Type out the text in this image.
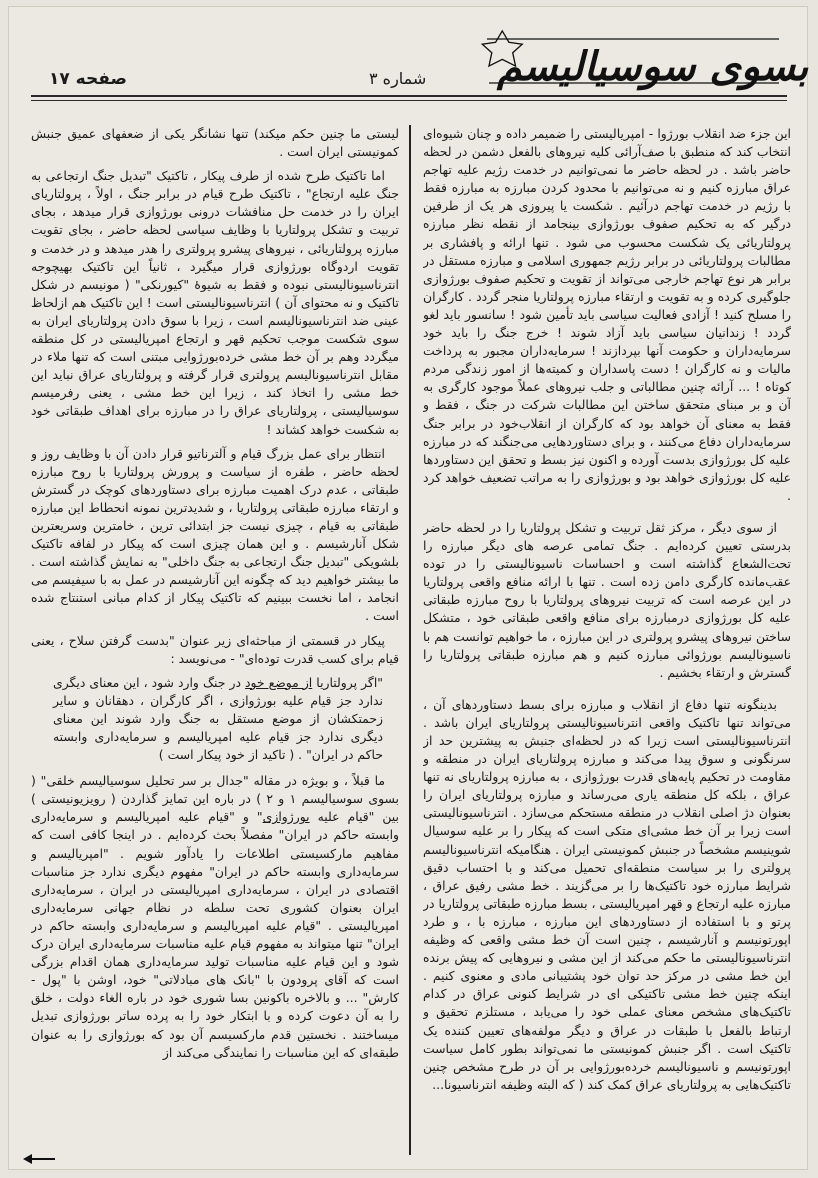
بسوی سوسیالیسم
شماره ۳
صفحه ۱۷

این جزء ضد انقلاب بورژوا - امپریالیستی را ضمیمر داده و چنان شیوه‌ای انتخاب کند که منطبق با صف‌آرائی کلیه نیروهای بالفعل دشمن در لحظه حاضر باشد . در لحظه حاضر ما نمی‌توانیم در خدمت رژیم علیه تهاجم عراق مبارزه کنیم و نه می‌توانیم با محدود کردن مبارزه به مبارزه فقط با رژیم در خدمت تهاجم درآئیم . شکست یا پیروزی هر یک از طرفین درگیر که به تحکیم صفوف بورژوازی بینجامد از نقطه نظر مبارزه پرولتاریائی یک شکست محسوب می شود . تنها ارائه و پافشاری بر مطالبات پرولتاریائی در برابر رژیم جمهوری اسلامی و مبارزه مستقل در برابر هر نوع تهاجم خارجی می‌تواند از تقویت و تحکیم صفوف بورژوازی جلوگیری کرده و به تقویت و ارتقاء مبارزه پرولتاریا منجر گردد . کارگران را مسلح کنید ! آزادی فعالیت سیاسی باید تأمین شود ! سانسور باید لغو گردد ! زندانیان سیاسی باید آزاد شوند ! خرج جنگ را باید خود سرمایه‌داران و حکومت آنها بپردازند ! سرمایه‌داران مجبور به پرداخت مالیات و نه کارگران ! دست پاسداران و کمیته‌ها از امور زندگی مردم کوتاه ! ... آرائه چنین مطالباتی و جلب نیروهای عملاً موجود کارگری به آن و بر مبنای متحقق ساختن این مطالبات شرکت در جنگ ، فقط و فقط به معنای آن خواهد بود که کارگران از انقلاب‌خود در برابر جنگ سرمایه‌داران دفاع می‌کنند ، و برای دستاوردهایی می‌جنگند که در مبارزه علیه کل بورژوازی بدست آورده و اکنون نیز بسط و تحقق این دستاوردها علیه کل بورژوازی خواهد بود و بورژوازی را به مراتب تضعیف خواهد کرد .

از سوی دیگر ، مرکز ثقل تربیت و تشکل پرولتاریا را در لحظه حاضر بدرستی تعیین کرده‌ایم . جنگ تمامی عرصه های دیگر مبارزه را تحت‌الشعاع گذاشته است و احساسات ناسیونالیستی را در توده عقب‌مانده کارگری دامن زده است . تنها با ارائه منافع واقعی پرولتاریا در این عرصه است که تربیت نیروهای پرولتاریا با روح مبارزه طبقاتی علیه کل بورژوازی درمبارزه برای منافع واقعی طبقاتی خود ، متشکل ساختن نیروهای پیشرو پرولتری در این مبارزه ، ما خواهیم توانست هم با ناسیونالیسم بورژوائی مبارزه کنیم و هم مبارزه طبقاتی پرولتاریا را گسترش و ارتقاء بخشیم .

بدینگونه تنها دفاع از انقلاب و مبارزه برای بسط دستاوردهای آن ، می‌تواند تنها تاکتیک واقعی انترناسیونالیستی پرولتاریای ایران باشد . انترناسیونالیستی است زیرا که در لحظه‌ای جنبش به پیشترین حد از سرنگونی و سوق پیدا می‌کند و مبارزه پرولتاریای ایران در منطقه و مقاومت در تحکیم پایه‌های قدرت بورژوازی ، به مبارزه پرولتاریای نه تنها عراق ، بلکه کل منطقه یاری می‌رساند و مبارزه پرولتاریای ایران را بعنوان دژ اصلی انقلاب در منطقه مستحکم می‌سازد . انترناسیونالیستی است زیرا بر آن خط مشی‌ای متکی است که پیکار را بر علیه سوسیال شوینیسم مشخصاً در جنبش کمونیستی ایران . هنگامیکه انترناسیونالیسم پرولتری را بر سیاست منطقه‌ای تحمیل می‌کند و با احتساب دقیق شرایط مبارزه خود تاکتیک‌ها را بر می‌گزیند . خط مشی رفیق عراق ، مبارزه علیه ارتجاع و قهر امپریالیستی ، بسط مبارزه طبقاتی پرولتاریا در پرتو و با استفاده از دستاوردهای این مبارزه ، مبارزه با ، و طرد اپورتونیسم و آنارشیسم ، چنین است آن خط مشی واقعی که وظیفه انترناسیونالیستی ما حکم می‌کند از این مشی و نیروهایی که پیش برنده این خط مشی در مرکز حد توان خود پشتیبانی مادی و معنوی کنیم . اینکه چنین خط مشی تاکتیکی ای در شرایط کنونی عراق در کدام تاکتیک‌های مشخص معنای عملی خود را می‌یابد ، مستلزم تحقیق و ارتباط بالفعل با طبقات در عراق و دیگر مولفه‌های تعیین کننده یک تاکتیک است . اگر جنبش کمونیستی ما نمی‌تواند بطور کامل سیاست اپورتونیسم و ناسیونالیسم خرده‌بورژوایی بر آن در طرح مشخص چنین تاکتیک‌هایی به پرولتاریای عراق کمک کند ( که البته وظیفه انترناسیونا...

لیستی ما چنین حکم میکند) تنها نشانگر یکی از ضعفهای عمیق جنبش کمونیستی ایران است .

اما تاکتیک طرح شده از طرف پیکار ، تاکتیک "تبدیل جنگ ارتجاعی به جنگ علیه ارتجاع" ، تاکتیک طرح قیام در برابر جنگ ، اولاً ، پرولتاریای ایران را در خدمت حل منافشات درونی بورژوازی قرار میدهد ، بجای تربیت و تشکل پرولتاریا با وظایف سیاسی لحظه حاضر ، بجای تقویت مبارزه پرولتاریائی ، نیروهای پیشرو پرولتری را هدر میدهد و در خدمت و تقویت اردوگاه بورژوازی قرار میگیرد ، ثانیاً این تاکتیک بهیچوجه انترناسیونالیستی نبوده و فقط به شیوهٔ "کیورنکی" ( مونیسم در شکل تاکتیک و نه محتوای آن ) انترناسیونالیستی است ! این تاکتیک هم ازلحاظ عینی ضد انترناسیونالیسم است ، زیرا با سوق دادن پرولتاریای ایران به سوی شکست موجب تحکیم قهر و ارتجاع امپریالیستی در کل منطقه میگردد وهم بر آن خط مشی خرده‌بورژوایی مبتنی است که تنها ملاء در مقابل انترناسیونالیسم پرولتری قرار گرفته و پرولتاریای عراق نباید این خط مشی را اتخاذ کند ، زیرا این خط مشی ، یعنی رفرمیسم سوسیالیستی ، پرولتاریای عراق را در مبارزه برای اهداف طبقاتی خود به شکست خواهد کشاند !

انتظار برای عمل بزرگ قیام و آلترناتیو قرار دادن آن با وظایف روز و لحظه حاضر ، طفره از سیاست و پرورش پرولتاریا با روح مبارزه طبقاتی ، عدم درک اهمیت مبارزه برای دستاوردهای کوچک در گسترش و ارتقاء مبارزه طبقاتی پرولتاریا ، و شدیدترین نمونه انحطاط این مبارزه طبقاتی به قیام ، چیزی نیست جز ابتدائی ترین ، خامترین وسریعترین شکل آنارشیسم . و این همان چیزی است که پیکار در لفافه تاکتیک بلشویکی "تبدیل جنگ ارتجاعی به جنگ داخلی" به نمایش گذاشته است . ما بیشتر خواهیم دید که چگونه این آنارشیسم در عمل به با سیفیسم می انجامد ، اما نخست ببینیم که تاکتیک پیکار از کدام مبانی استنتاج شده است .

پیکار در قسمتی از مباحثه‌ای زیر عنوان "بدست گرفتن سلاح ، یعنی قیام برای کسب قدرت توده‌ای" - می‌نویسد :

"اگر پرولتاریا از موضع خود در جنگ وارد شود ، این معنای دیگری ندارد جز قیام علیه بورژوازی ، اگر کارگران ، دهقانان و سایر زحمتکشان از موضع مستقل به جنگ وارد شوند این معنای دیگری ندارد جز قیام علیه امپریالیسم و سرمایه‌داری وابسته حاکم در ایران" . ( تاکید از خود پیکار است )

ما قبلاً ، و بویژه در مقاله "جدال بر سر تحلیل سوسیالیسم خلقی" ( بسوی سوسیالیسم ۱ و ۲ ) در باره این تمایز گذاردن ( رویزیونیستی ) بین "قیام علیه بورژوازی" و "قیام علیه امپریالیسم و سرمایه‌داری وابسته حاکم در ایران" مفصلاً بحث کرده‌ایم . در اینجا کافی است که مفاهیم مارکسیستی اطلاعات را یادآور شویم . "امپریالیسم و سرمایه‌داری وابسته حاکم در ایران" مفهوم دیگری ندارد جز مناسبات اقتصادی در ایران ، سرمایه‌داری امپریالیستی در ایران ، سرمایه‌داری ایران بعنوان کشوری تحت سلطه در نظام جهانی سرمایه‌داری امپریالیستی . "قیام علیه امپریالیسم و سرمایه‌داری وابسته حاکم در ایران" تنها میتواند به مفهوم قیام علیه مناسبات سرمایه‌داری ایران درک شود و این قیام علیه مناسبات تولید سرمایه‌داری همان اقدام بزرگی است که آقای پرودون با "بانک های مبادلاتی" خود، اوشن با "پول - کارش" ... و بالاخره باکونین بسا شوری خود در باره الغاء دولت ، خلق را به آن دعوت کرده و با ابتکار خود را به پرده ساتر بورژوازی تبدیل میساختند . نخستین قدم مارکسیسم آن بود که بورژوازی را به عنوان طبقه‌ای که این مناسبات را نمایندگی می‌کند از
